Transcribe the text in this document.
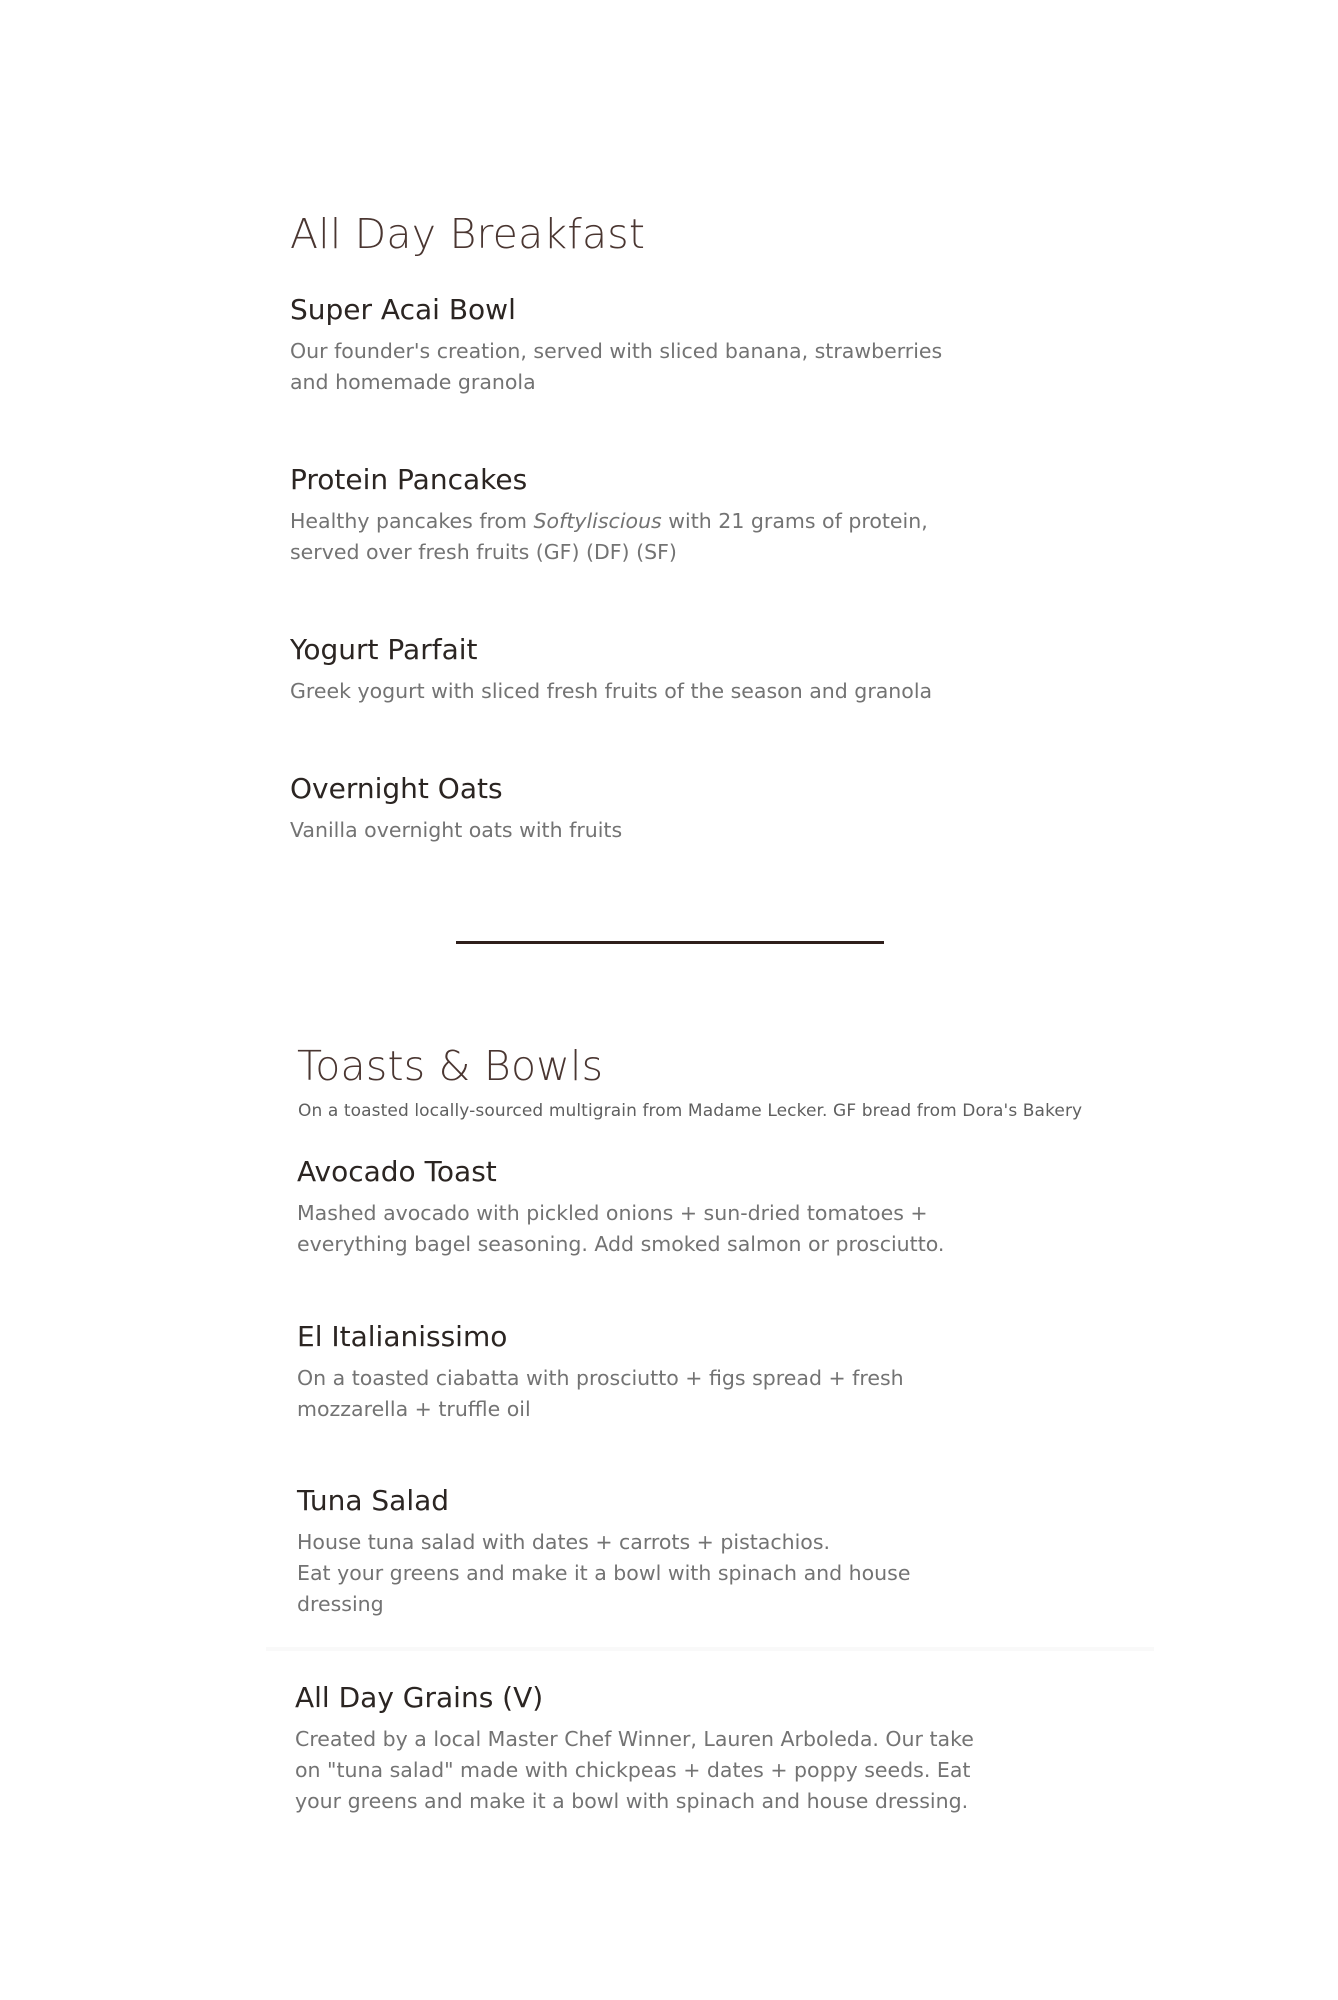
All Day Breakfast
Super Acai Bowl

Our founder's creation, served with sliced banana, strawberries and homemade granola

Protein Pancakes

Healthy pancakes from Softyliscious with 21 grams of protein, served over fresh fruits (GF) (DF) (SF)

Yogurt Parfait

Greek yogurt with sliced fresh fruits of the season and granola

Overnight Oats

Vanilla overnight oats with fruits

Toasts & Bowls
On a toasted locally-sourced multigrain from Madame Lecker. GF bread from Dora's Bakery
Avocado Toast

Mashed avocado with pickled onions + sun-dried tomatoes + everything bagel seasoning. Add smoked salmon or prosciutto.

El Italianissimo

On a toasted ciabatta with prosciutto + figs spread + fresh mozzarella + truffle oil

Tuna Salad

House tuna salad with dates + carrots + pistachios.
Eat your greens and make it a bowl with spinach and house dressing

All Day Grains (V)

Created by a local Master Chef Winner, Lauren Arboleda. Our take on "tuna salad" made with chickpeas + dates + poppy seeds. Eat your greens and make it a bowl with spinach and house dressing.
